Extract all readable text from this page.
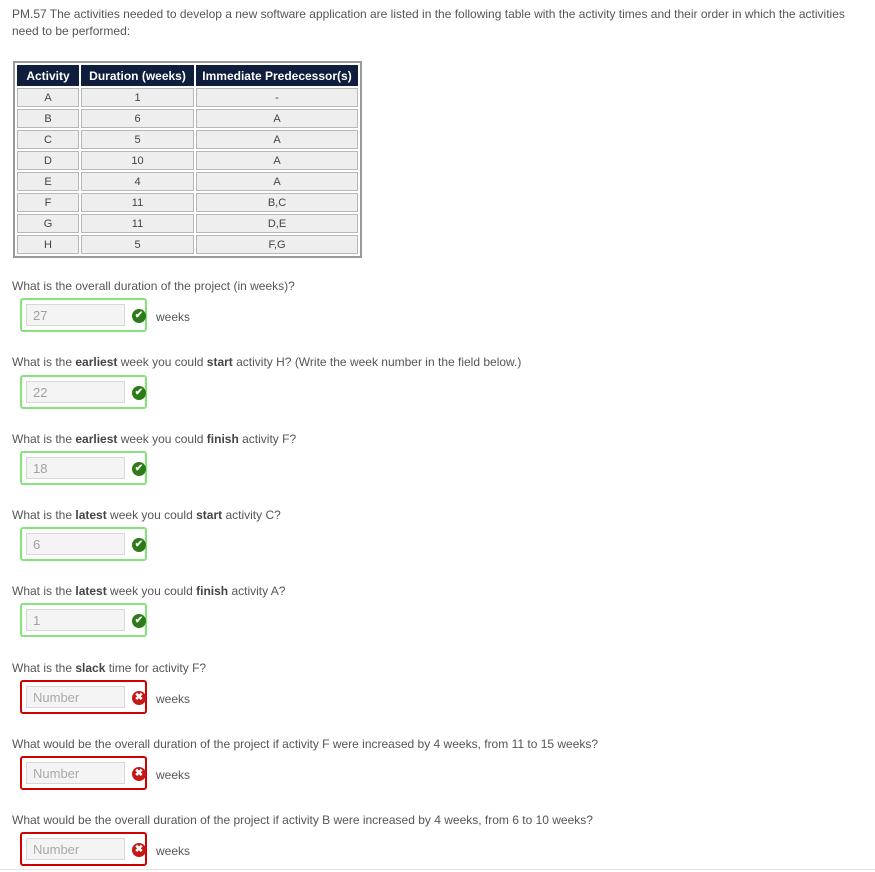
PM.57 The activities needed to develop a new software application are listed in the following table with the activity times and their order in which the activities need to be performed:

Activity	Duration (weeks)	Immediate Predecessor(s)
A	1	-
B	6	A
C	5	A
D	10	A
E	4	A
F	11	B,C
G	11	D,E
H	5	F,G

What is the overall duration of the project (in weeks)?

27
✔ weeks

What is the earliest week you could start activity H? (Write the week number in the field below.)

22
✔

What is the earliest week you could finish activity F?

18
✔

What is the latest week you could start activity C?

6
✔

What is the latest week you could finish activity A?

1
✔

What is the slack time for activity F?

Number
✖ weeks

What would be the overall duration of the project if activity F were increased by 4 weeks, from 11 to 15 weeks?

Number
✖ weeks

What would be the overall duration of the project if activity B were increased by 4 weeks, from 6 to 10 weeks?

Number
✖ weeks
